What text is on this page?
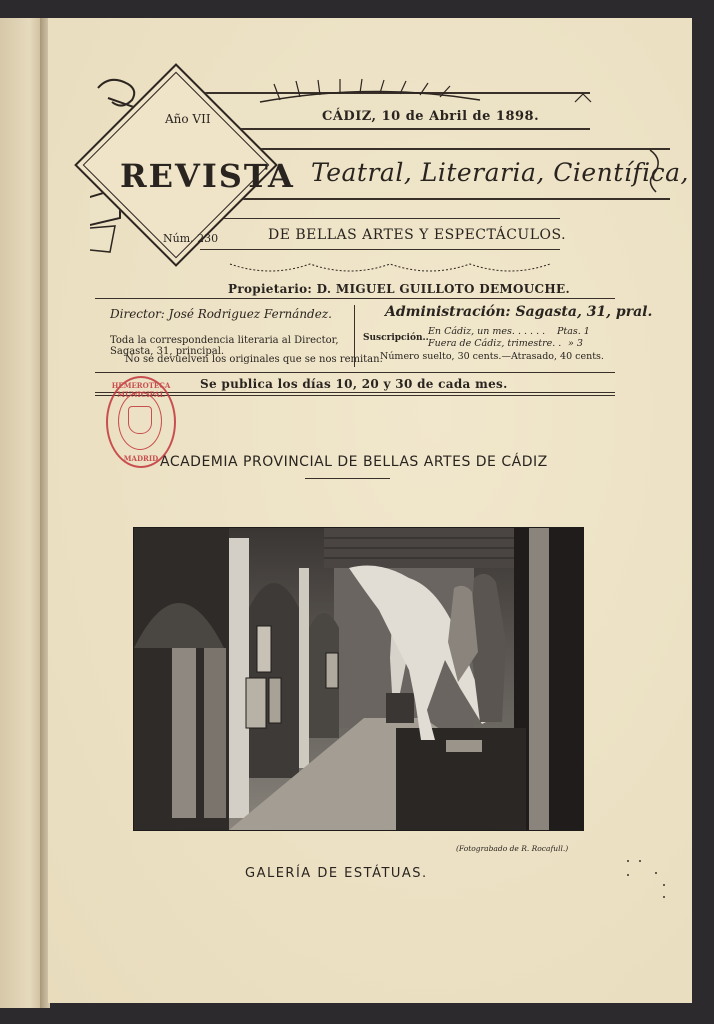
Año VII	CÁDIZ, 10 de Abril de 1898.
REVISTA Teatral, Literaria, Científica,
Núm. 230	DE BELLAS ARTES Y ESPECTÁCULOS.
Propietario: D. MIGUEL GUILLOTO DEMOUCHE.
Director: José Rodriguez Fernández.
Toda la correspondencia literaria al Director, Sagasta, 31, principal.
No se devuelven los originales que se nos remitan.
Administración: Sagasta, 31, pral.
Suscripción..
En Cádiz, un mes. . . . . . Ptas. 1
Fuera de Cádiz, trimestre. . » 3
Número suelto, 30 cents.—Atrasado, 40 cents.
Se publica los días 10, 20 y 30 de cada mes.
HEMEROTECA MUNICIPAL
MADRID ACADEMIA PROVINCIAL DE BELLAS ARTES DE CÁDIZ
(Fotograbado de R. Rocafull.)
GALERÍA DE ESTÁTUAS.
